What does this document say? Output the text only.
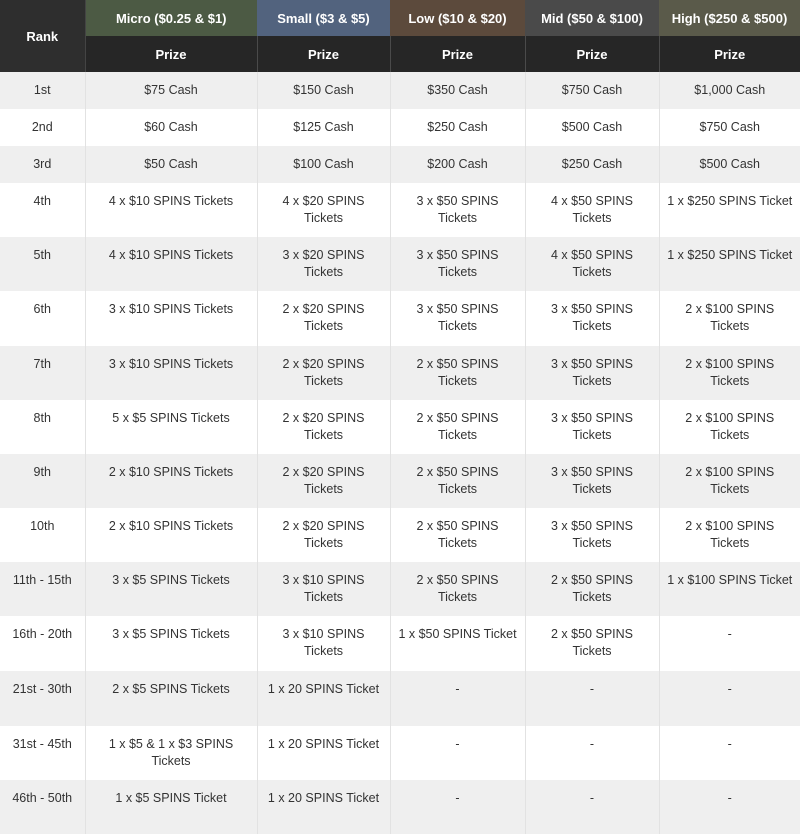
Rank	Micro ($0.25 & $1)	Small ($3 & $5)	Low ($10 & $20)	Mid ($50 & $100)	High ($250 & $500)
	Prize	Prize	Prize	Prize	Prize
1st	$75 Cash	$150 Cash	$350 Cash	$750 Cash	$1,000 Cash
2nd	$60 Cash	$125 Cash	$250 Cash	$500 Cash	$750 Cash
3rd	$50 Cash	$100 Cash	$200 Cash	$250 Cash	$500 Cash
4th	4 x $10 SPINS Tickets	4 x $20 SPINS Tickets	3 x $50 SPINS Tickets	4 x $50 SPINS Tickets	1 x $250 SPINS Ticket
5th	4 x $10 SPINS Tickets	3 x $20 SPINS Tickets	3 x $50 SPINS Tickets	4 x $50 SPINS Tickets	1 x $250 SPINS Ticket
6th	3 x $10 SPINS Tickets	2 x $20 SPINS Tickets	3 x $50 SPINS Tickets	3 x $50 SPINS Tickets	2 x $100 SPINS Tickets
7th	3 x $10 SPINS Tickets	2 x $20 SPINS Tickets	2 x $50 SPINS Tickets	3 x $50 SPINS Tickets	2 x $100 SPINS Tickets
8th	5 x $5 SPINS Tickets	2 x $20 SPINS Tickets	2 x $50 SPINS Tickets	3 x $50 SPINS Tickets	2 x $100 SPINS Tickets
9th	2 x $10 SPINS Tickets	2 x $20 SPINS Tickets	2 x $50 SPINS Tickets	3 x $50 SPINS Tickets	2 x $100 SPINS Tickets
10th	2 x $10 SPINS Tickets	2 x $20 SPINS Tickets	2 x $50 SPINS Tickets	3 x $50 SPINS Tickets	2 x $100 SPINS Tickets
11th - 15th	3 x $5 SPINS Tickets	3 x $10 SPINS Tickets	2 x $50 SPINS Tickets	2 x $50 SPINS Tickets	1 x $100 SPINS Ticket
16th - 20th	3 x $5 SPINS Tickets	3 x $10 SPINS Tickets	1 x $50 SPINS Ticket	2 x $50 SPINS Tickets	-
21st - 30th	2 x $5 SPINS Tickets	1 x 20 SPINS Ticket	-	-	-
31st - 45th	1 x $5 & 1 x $3 SPINS Tickets	1 x 20 SPINS Ticket	-	-	-
46th - 50th	1 x $5 SPINS Ticket	1 x 20 SPINS Ticket	-	-	-
